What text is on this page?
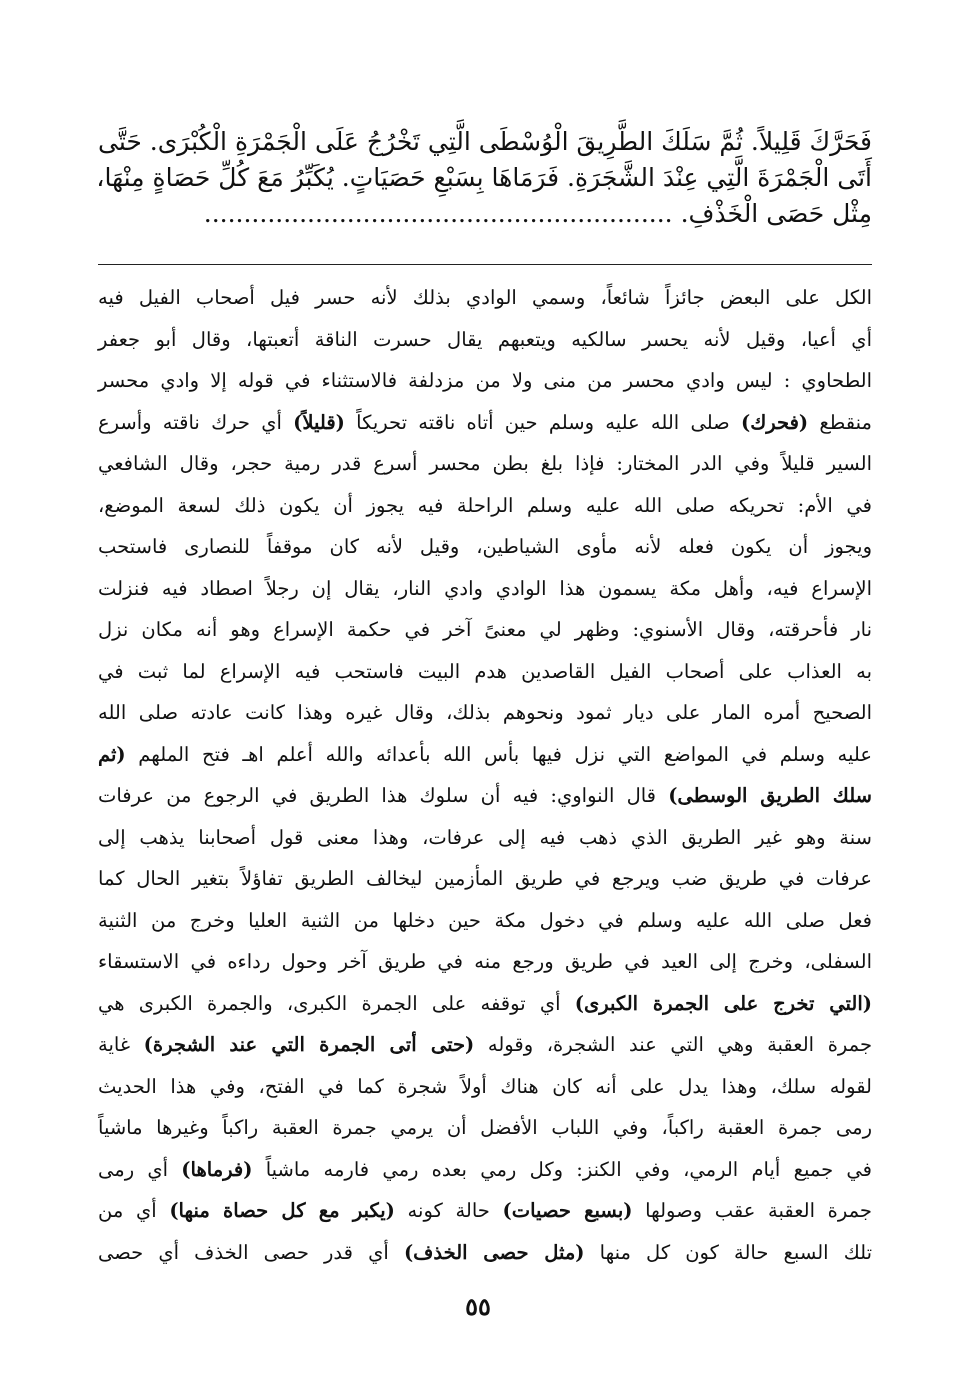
فَحَرَّكَ قَلِيلاً. ثُمَّ سَلَكَ الطَّرِيقَ الْوُسْطَى الَّتِي تَخْرُجُ عَلَى الْجَمْرَةِ الْكُبْرَى. حَتَّى
أَتَى الْجَمْرَةَ الَّتِي عِنْدَ الشَّجَرَةِ. فَرَمَاهَا بِسَبْعِ حَصَيَاتٍ. يُكَبِّرُ مَعَ كُلِّ حَصَاةٍ مِنْهَا،
مِثْل حَصَى الْخَذْفِ. ...........................................................
الكل على البعض جائزاً شائعاً، وسمي الوادي بذلك لأنه حسر فيل أصحاب الفيل فيه
أي أعيا، وقيل لأنه يحسر سالكيه ويتعبهم يقال حسرت الناقة أتعبتها، وقال أبو جعفر
الطحاوي : ليس وادي محسر من منى ولا من مزدلفة فالاستثناء في قوله إلا وادي محسر
منقطع (فحرك) صلى الله عليه وسلم حين أتاه ناقته تحريكاً (قليلاً) أي حرك ناقته وأسرع
السير قليلاً وفي الدر المختار: فإذا بلغ بطن محسر أسرع قدر رمية حجر، وقال الشافعي
في الأم: تحريكه صلى الله عليه وسلم الراحلة فيه يجوز أن يكون ذلك لسعة الموضع،
ويجوز أن يكون فعله لأنه مأوى الشياطين، وقيل لأنه كان موقفاً للنصارى فاستحب
الإسراع فيه، وأهل مكة يسمون هذا الوادي وادي النار، يقال إن رجلاً اصطاد فيه فنزلت
نار فأحرقته، وقال الأسنوي: وظهر لي معنىً آخر في حكمة الإسراع وهو أنه مكان نزل
به العذاب على أصحاب الفيل القاصدين هدم البيت فاستحب فيه الإسراع لما ثبت في
الصحيح أمره المار على ديار ثمود ونحوهم بذلك، وقال غيره وهذا كانت عادته صلى الله
عليه وسلم في المواضع التي نزل فيها بأس الله بأعدائه والله أعلم اهـ فتح الملهم (ثم
سلك الطريق الوسطى) قال النواوي: فيه أن سلوك هذا الطريق في الرجوع من عرفات
سنة وهو غير الطريق الذي ذهب فيه إلى عرفات، وهذا معنى قول أصحابنا يذهب إلى
عرفات في طريق ضب ويرجع في طريق المأزمين ليخالف الطريق تفاؤلاً بتغير الحال كما
فعل صلى الله عليه وسلم في دخول مكة حين دخلها من الثنية العليا وخرج من الثنية
السفلى، وخرج إلى العيد في طريق ورجع منه في طريق آخر وحول رداءه في الاستسقاء
(التي تخرج على الجمرة الكبرى) أي توقفه على الجمرة الكبرى، والجمرة الكبرى هي
جمرة العقبة وهي التي عند الشجرة، وقوله (حتى أتى الجمرة التي عند الشجرة) غاية
لقوله سلك، وهذا يدل على أنه كان هناك أولاً شجرة كما في الفتح، وفي هذا الحديث
رمى جمرة العقبة راكباً، وفي اللباب الأفضل أن يرمي جمرة العقبة راكباً وغيرها ماشياً
في جميع أيام الرمي، وفي الكنز: وكل رمي بعده رمي فارمه ماشياً (فرماها) أي رمى
جمرة العقبة عقب وصولها (بسبع حصيات) حالة كونه (يكبر مع كل حصاة منها) أي من
تلك السبع حالة كون كل منها (مثل حصى الخذف) أي قدر حصى الخذف أي حصى
٥٥
